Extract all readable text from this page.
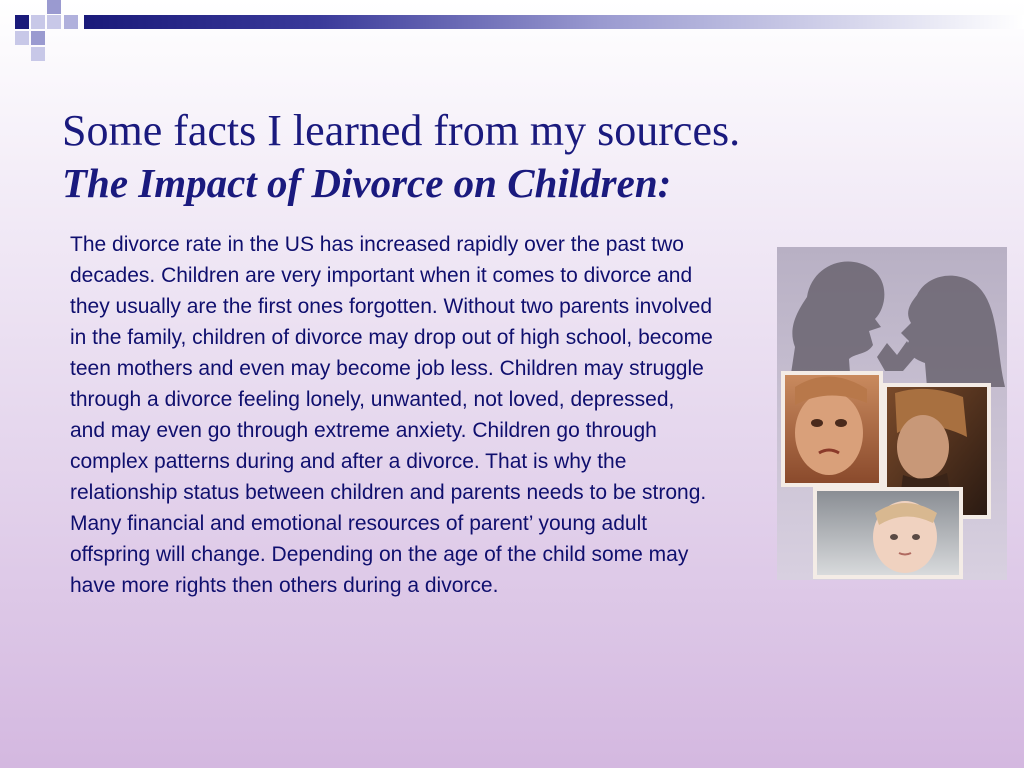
Some facts I learned from my sources.
The Impact of Divorce on Children:

The divorce rate in the US has increased rapidly over the past two decades. Children are very important when it comes to divorce and they usually are the first ones forgotten. Without two parents involved in the family, children of divorce may drop out of high school, become teen mothers and even may become job less. Children may struggle through a divorce feeling lonely, unwanted, not loved, depressed, and may even go through extreme anxiety. Children go through complex patterns during and after a divorce. That is why the relationship status between children and parents needs to be strong. Many financial and emotional resources of parent’ young adult offspring will change. Depending on the age of the child some may have more rights then others during a divorce.
